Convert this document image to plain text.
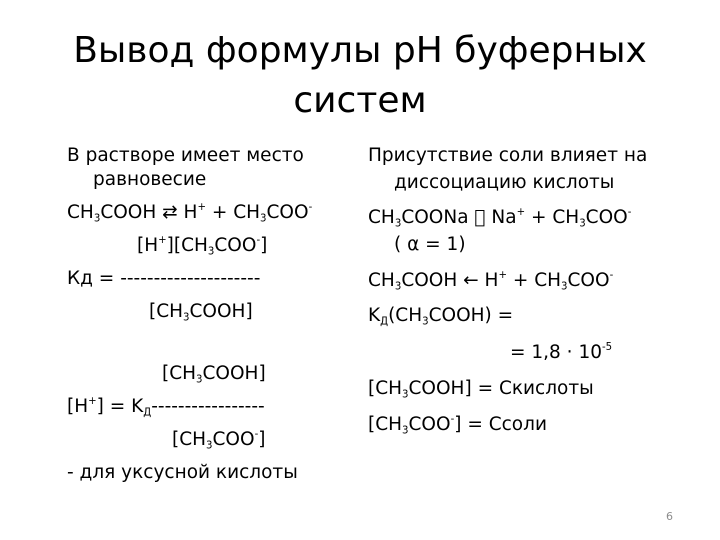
Вывод формулы pH буферных систем
В растворе имеет место
равновесие
$CH_3COOH$ ⇄ $H^+ + CH_3COO^-$
$[H^+][CH_3COO^-]$
Кд = ---------------------
$[CH_3COOH]$
$[CH_3COOH]$
$[H^+] = K_Д-----------------$
$[CH_3COO^-]$
- для уксусной кислоты
Присутствие соли влияет на
диссоциацию кислоты
$CH_3COONa$ $Na^+ + CH_3COO^-$
( α = 1)
$CH_3COOH$ ← $H^+ + CH_3COO^-$
$K_Д(CH_3COOH)$ =
= $1,8 \cdot 10^{-5}$
$[CH_3COOH]$ = Cкислоты
$[CH_3COO^-]$ = Cсоли
6
